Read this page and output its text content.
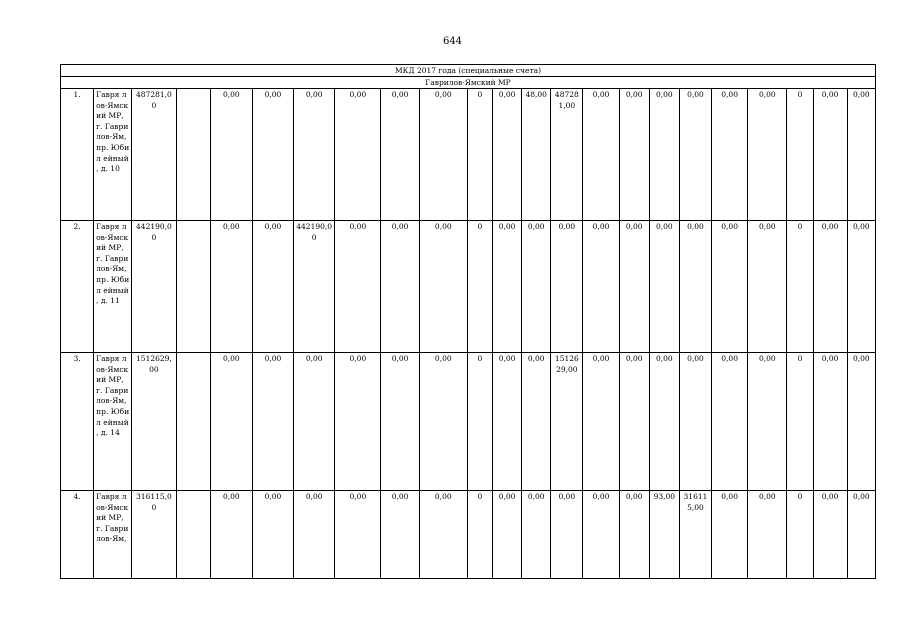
644
МКД 2017 года (специальные счета)																						
Гаврилов-Ямский МР																						
1.	Гавря лов-Ямск ий МР, г. Гаври лов-Ям, пр. Юбил ейный , д. 10	487281,00		0,00	0,00	0,00	0,00	0,00	0,00	0	0,00	48,00	487281,00	0,00	0,00	0,00	0,00	0,00	0,00	0	0,00	0,00
2.	Гавря лов-Ямск ий МР, г. Гаври лов-Ям, пр. Юбил ейный , д. 11	442190,00		0,00	0,00	442190,00	0,00	0,00	0,00	0	0,00	0,00	0,00	0,00	0,00	0,00	0,00	0,00	0,00	0	0,00	0,00
3.	Гавря лов-Ямск ий МР, г. Гаври лов-Ям, пр. Юбил ейный , д. 14	1512629,00		0,00	0,00	0,00	0,00	0,00	0,00	0	0,00	0,00	1512629,00	0,00	0,00	0,00	0,00	0,00	0,00	0	0,00	0,00
4.	Гавря лов-Ямск ий МР, г. Гаври лов-Ям,	316115,00		0,00	0,00	0,00	0,00	0,00	0,00	0	0,00	0,00	0,00	0,00	0,00	93,00	316115,00	0,00	0,00	0	0,00	0,00
